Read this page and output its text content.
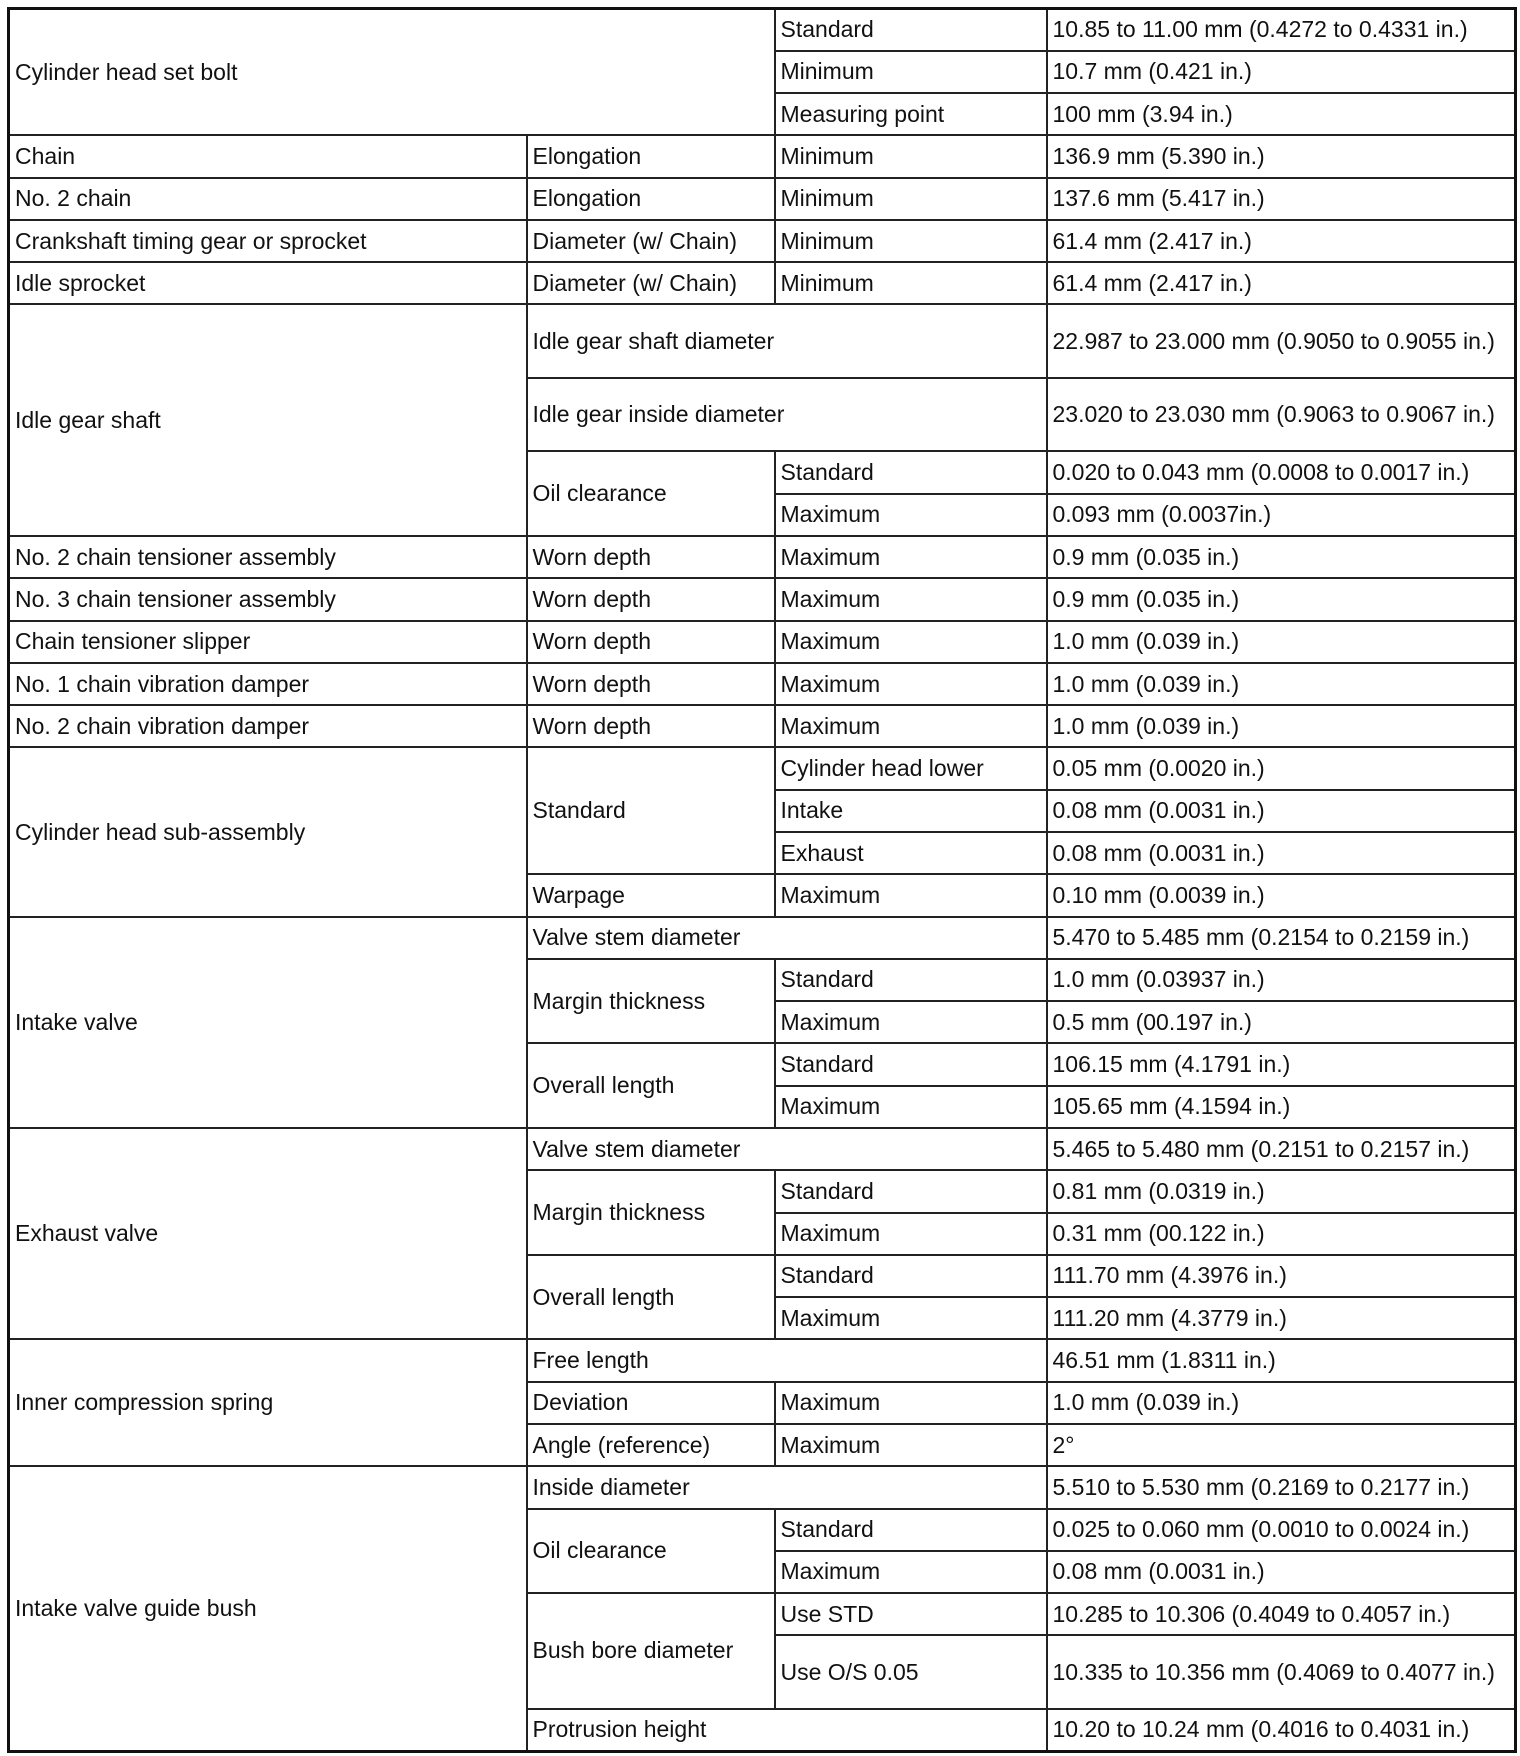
Cylinder head set bolt		Standard	10.85 to 11.00 mm (0.4272 to 0.4331 in.)
		Minimum	10.7 mm (0.421 in.)
		Measuring point	100 mm (3.94 in.)
Chain	Elongation	Minimum	136.9 mm (5.390 in.)
No. 2 chain	Elongation	Minimum	137.6 mm (5.417 in.)
Crankshaft timing gear or sprocket	Diameter (w/ Chain)	Minimum	61.4 mm (2.417 in.)
Idle sprocket	Diameter (w/ Chain)	Minimum	61.4 mm (2.417 in.)
Idle gear shaft	Idle gear shaft diameter		22.987 to 23.000 mm (0.9050 to 0.9055 in.)
	Idle gear inside diameter		23.020 to 23.030 mm (0.9063 to 0.9067 in.)
	Oil clearance	Standard	0.020 to 0.043 mm (0.0008 to 0.0017 in.)
		Maximum	0.093 mm (0.0037in.)
No. 2 chain tensioner assembly	Worn depth	Maximum	0.9 mm (0.035 in.)
No. 3 chain tensioner assembly	Worn depth	Maximum	0.9 mm (0.035 in.)
Chain tensioner slipper	Worn depth	Maximum	1.0 mm (0.039 in.)
No. 1 chain vibration damper	Worn depth	Maximum	1.0 mm (0.039 in.)
No. 2 chain vibration damper	Worn depth	Maximum	1.0 mm (0.039 in.)
Cylinder head sub-assembly	Standard	Cylinder head lower	0.05 mm (0.0020 in.)
		Intake	0.08 mm (0.0031 in.)
		Exhaust	0.08 mm (0.0031 in.)
	Warpage	Maximum	0.10 mm (0.0039 in.)
Intake valve	Valve stem diameter		5.470 to 5.485 mm (0.2154 to 0.2159 in.)
	Margin thickness	Standard	1.0 mm (0.03937 in.)
		Maximum	0.5 mm (00.197 in.)
	Overall length	Standard	106.15 mm (4.1791 in.)
		Maximum	105.65 mm (4.1594 in.)
Exhaust valve	Valve stem diameter		5.465 to 5.480 mm (0.2151 to 0.2157 in.)
	Margin thickness	Standard	0.81 mm (0.0319 in.)
		Maximum	0.31 mm (00.122 in.)
	Overall length	Standard	111.70 mm (4.3976 in.)
		Maximum	111.20 mm (4.3779 in.)
Inner compression spring	Free length		46.51 mm (1.8311 in.)
	Deviation	Maximum	1.0 mm (0.039 in.)
	Angle (reference)	Maximum	2°
Intake valve guide bush	Inside diameter		5.510 to 5.530 mm (0.2169 to 0.2177 in.)
	Oil clearance	Standard	0.025 to 0.060 mm (0.0010 to 0.0024 in.)
		Maximum	0.08 mm (0.0031 in.)
	Bush bore diameter	Use STD	10.285 to 10.306 (0.4049 to 0.4057 in.)
		Use O/S 0.05	10.335 to 10.356 mm (0.4069 to 0.4077 in.)
	Protrusion height		10.20 to 10.24 mm (0.4016 to 0.4031 in.)
